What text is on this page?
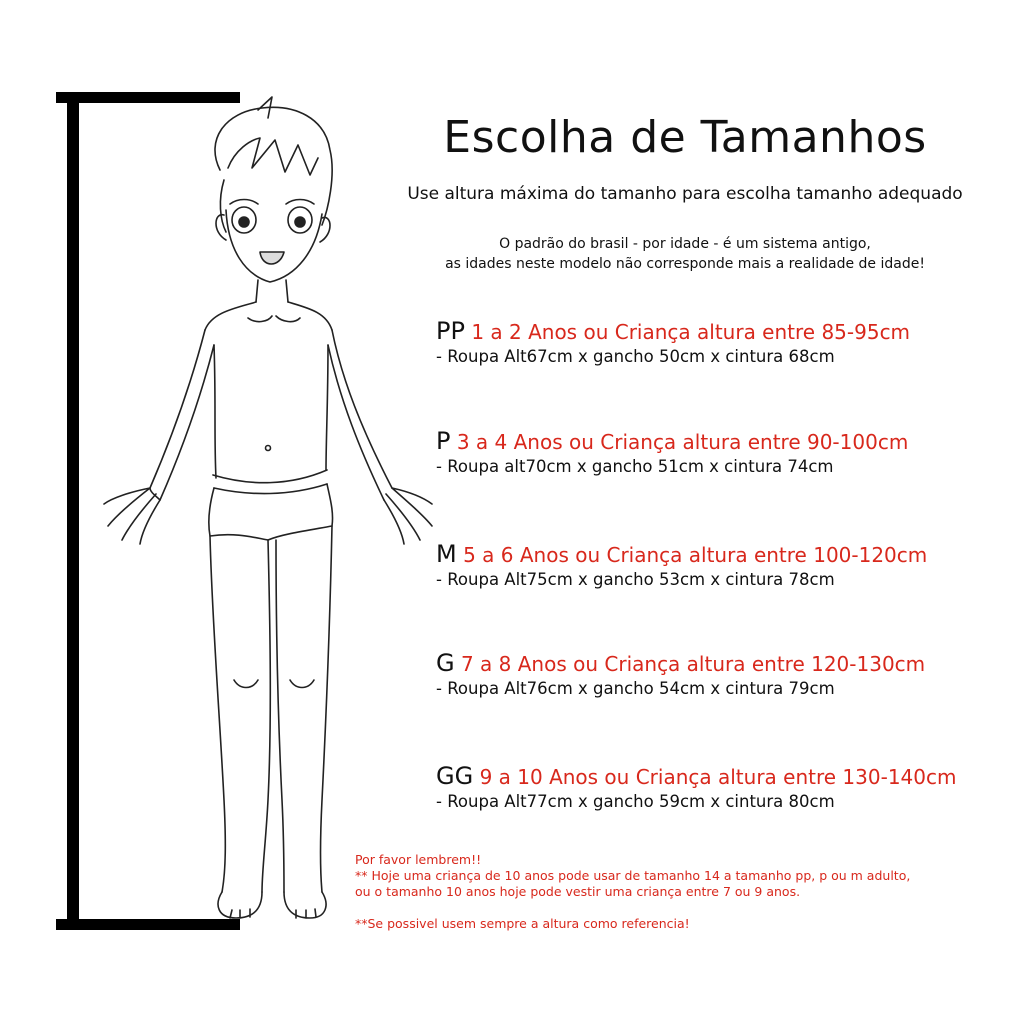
Escolha de Tamanhos
Use altura máxima do tamanho para escolha tamanho adequado
O padrão do brasil - por idade - é um sistema antigo,
as idades neste modelo não corresponde mais a realidade de idade!
PP 1 a 2 Anos ou Criança altura entre 85-95cm
- Roupa Alt67cm x gancho 50cm x cintura 68cm
P 3 a 4 Anos ou Criança altura entre 90-100cm
- Roupa alt70cm x gancho 51cm x cintura 74cm
M 5 a 6 Anos ou Criança altura entre 100-120cm
- Roupa Alt75cm x gancho 53cm x cintura 78cm
G 7 a 8 Anos ou Criança altura entre 120-130cm
- Roupa Alt76cm x gancho 54cm x cintura 79cm
GG 9 a 10 Anos ou Criança altura entre 130-140cm
- Roupa Alt77cm x gancho 59cm x cintura 80cm

Por favor lembrem!!

** Hoje uma criança de 10 anos pode usar de tamanho 14 a tamanho pp, p ou m adulto,

ou o tamanho 10 anos hoje pode vestir uma criança entre 7 ou 9 anos.

**Se possivel usem sempre a altura como referencia!
